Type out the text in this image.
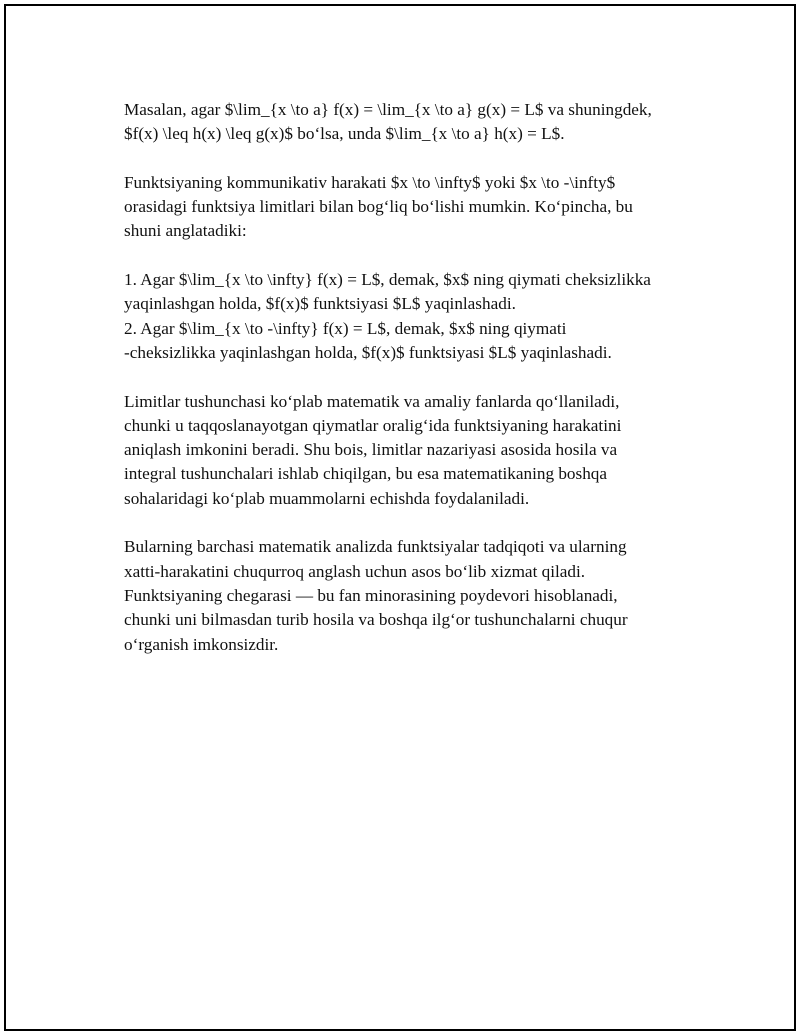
Masalan, agar $\lim_{x \to a} f(x) = \lim_{x \to a} g(x) = L$ va shuningdek,
$f(x) \leq h(x) \leq g(x)$ bo‘lsa, unda $\lim_{x \to a} h(x) = L$.
Funktsiyaning kommunikativ harakati $x \to \infty$ yoki $x \to -\infty$
orasidagi funktsiya limitlari bilan bog‘liq bo‘lishi mumkin. Ko‘pincha, bu
shuni anglatadiki:
1. Agar $\lim_{x \to \infty} f(x) = L$, demak, $x$ ning qiymati cheksizlikka
yaqinlashgan holda, $f(x)$ funktsiyasi $L$ yaqinlashadi.
2. Agar $\lim_{x \to -\infty} f(x) = L$, demak, $x$ ning qiymati
-cheksizlikka yaqinlashgan holda, $f(x)$ funktsiyasi $L$ yaqinlashadi.
Limitlar tushunchasi ko‘plab matematik va amaliy fanlarda qo‘llaniladi,
chunki u taqqoslanayotgan qiymatlar oralig‘ida funktsiyaning harakatini
aniqlash imkonini beradi. Shu bois, limitlar nazariyasi asosida hosila va
integral tushunchalari ishlab chiqilgan, bu esa matematikaning boshqa
sohalaridagi ko‘plab muammolarni echishda foydalaniladi.
Bularning barchasi matematik analizda funktsiyalar tadqiqoti va ularning
xatti-harakatini chuqurroq anglash uchun asos bo‘lib xizmat qiladi.
Funktsiyaning chegarasi — bu fan minorasining poydevori hisoblanadi,
chunki uni bilmasdan turib hosila va boshqa ilg‘or tushunchalarni chuqur
o‘rganish imkonsizdir.
